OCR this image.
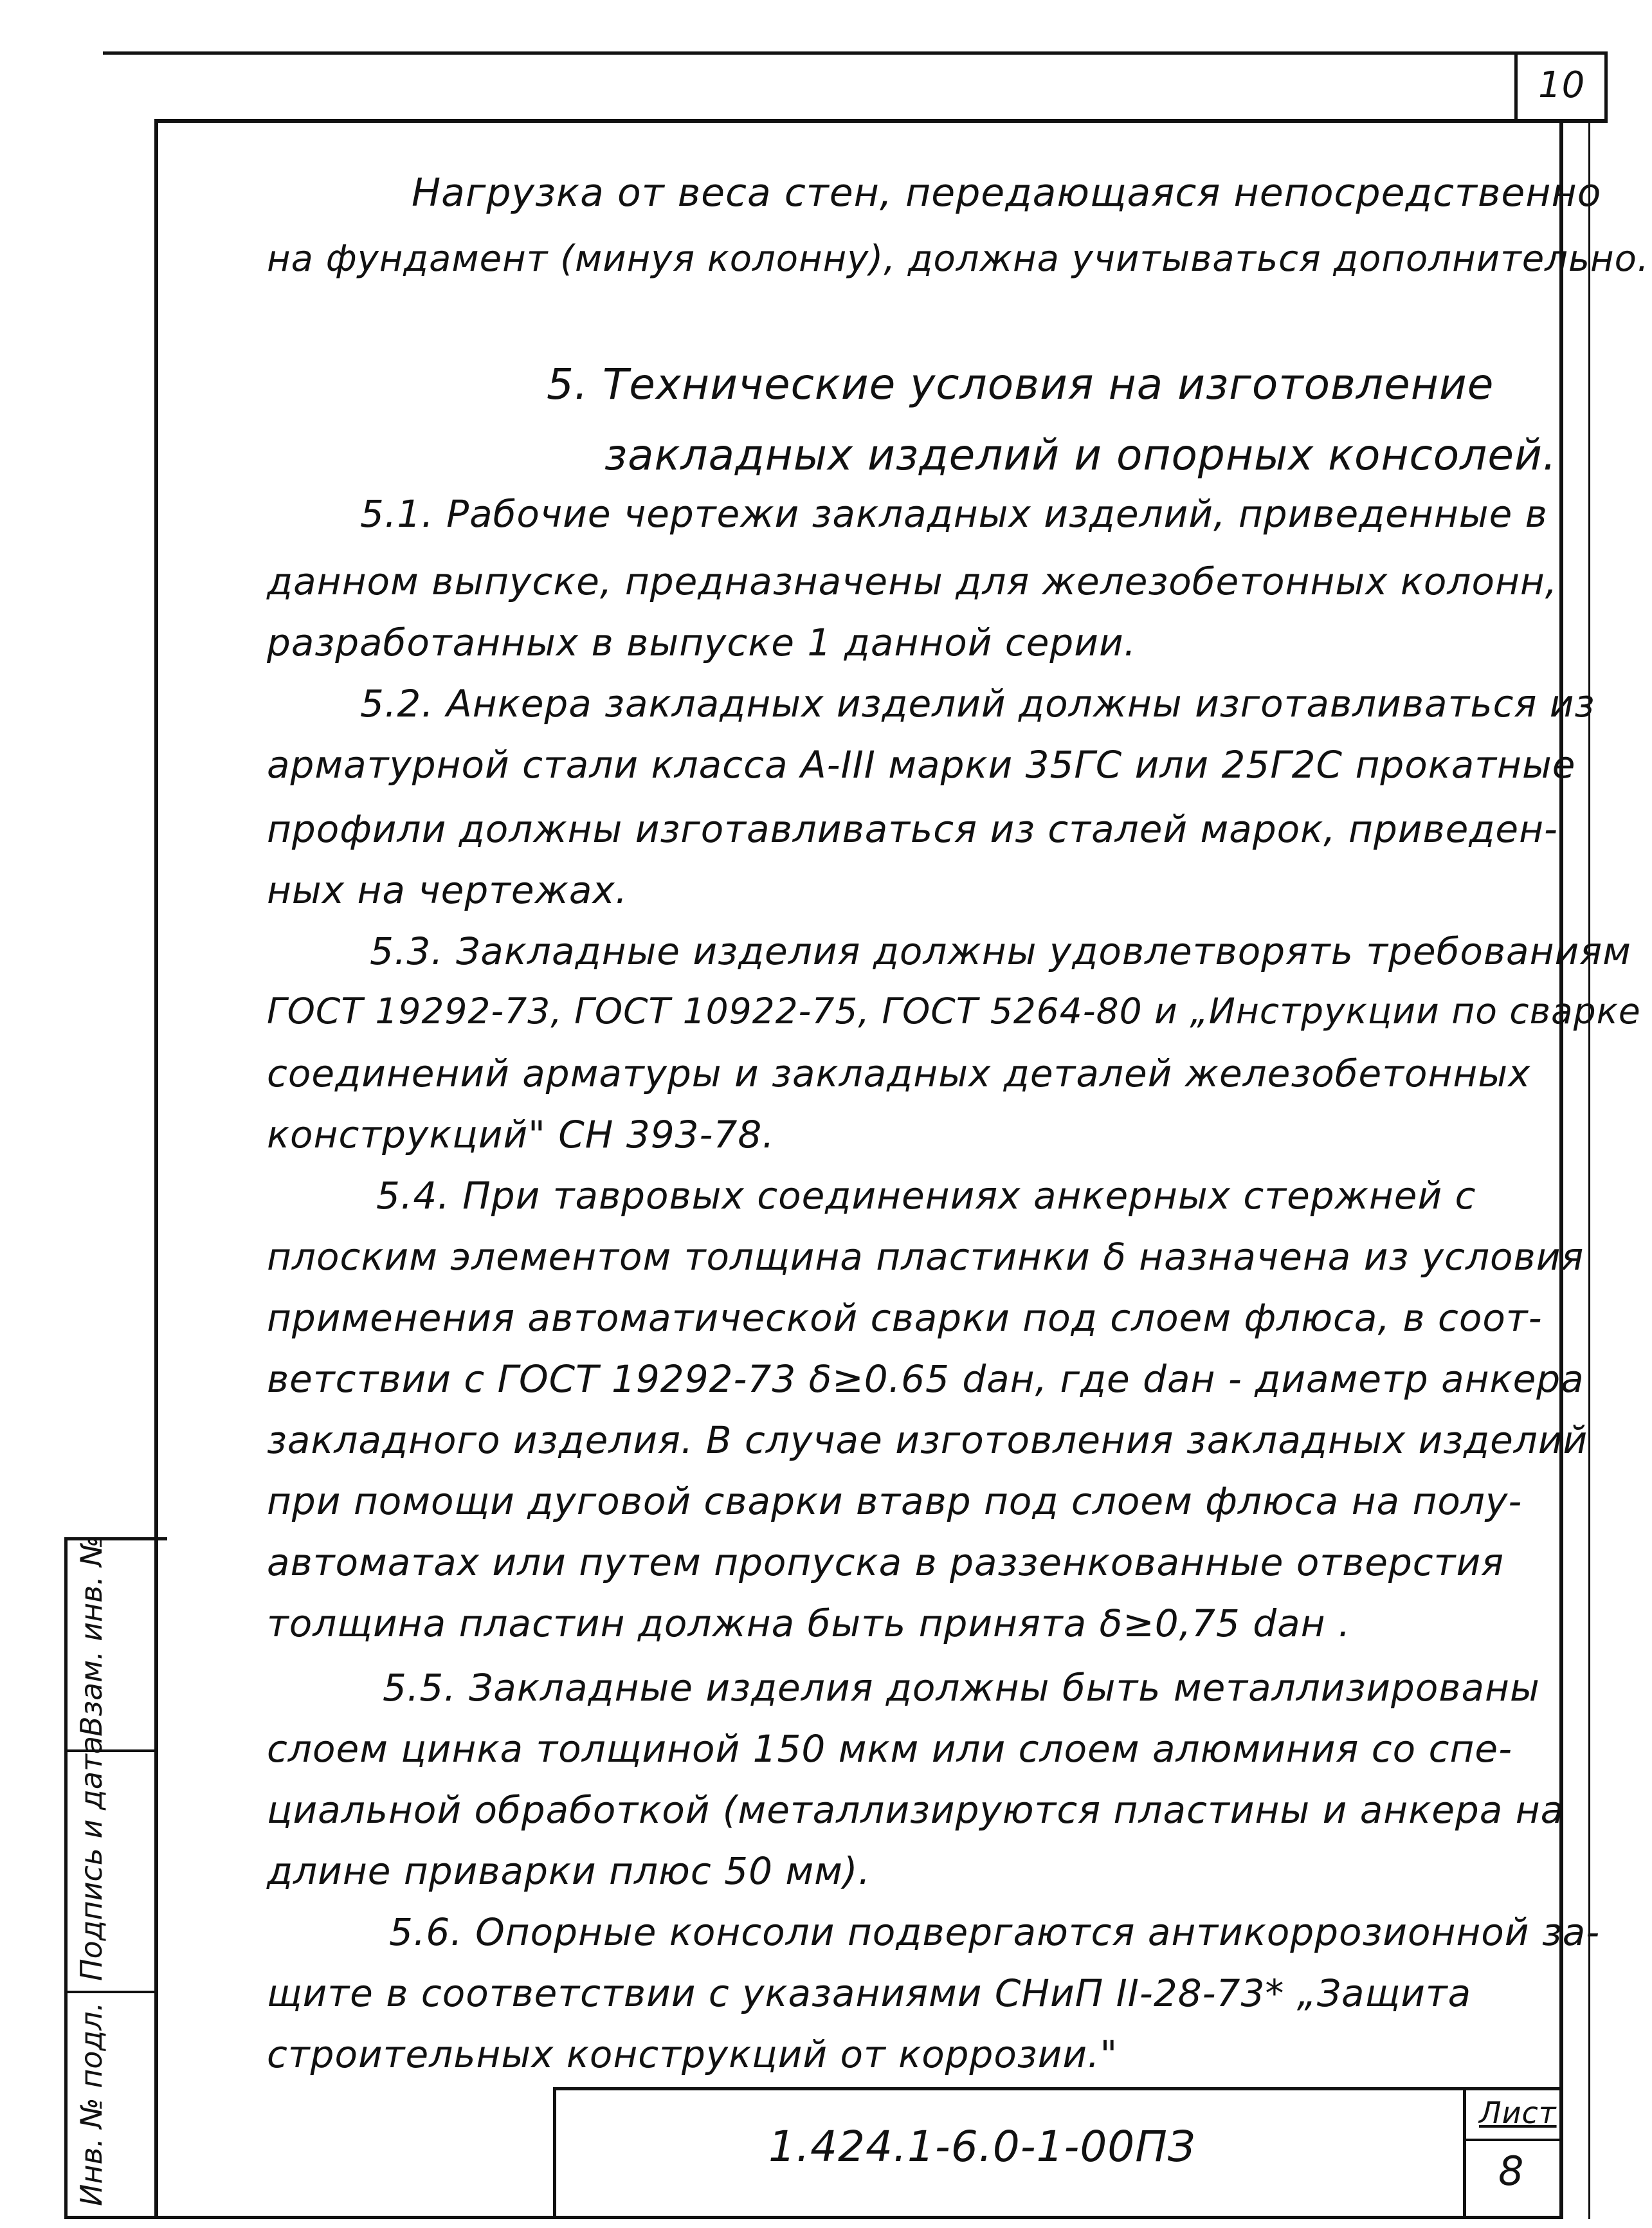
10
Нагрузка от веса стен, передающаяся непосредственно
на фундамент (минуя колонну), должна учитываться дополнительно.
5. Технические условия на изготовление
закладных изделий и опорных консолей.
5.1. Рабочие чертежи закладных изделий, приведенные в
данном выпуске, предназначены для железобетонных колонн,
разработанных в выпуске 1 данной серии.
5.2. Анкера закладных изделий должны изготавливаться из
арматурной стали класса А-III марки 35ГС или 25Г2С прокатные
профили должны изготавливаться из сталей марок, приведен-
ных на чертежах.
5.3. Закладные изделия должны удовлетворять требованиям
ГОСТ 19292-73, ГОСТ 10922-75, ГОСТ 5264-80 и „Инструкции по сварке
соединений арматуры и закладных деталей железобетонных
конструкций" СН 393-78.
5.4. При тавровых соединениях анкерных стержней с
плоским элементом толщина пластинки δ назначена из условия
применения автоматической сварки под слоем флюса, в соот-
ветствии с ГОСТ 19292-73 δ≥0.65 dан, где dан - диаметр анкера
закладного изделия. В случае изготовления закладных изделий
при помощи дуговой сварки втавр под слоем флюса на полу-
автоматах или путем пропуска в раззенкованные отверстия
толщина пластин должна быть принята δ≥0,75 dан .
5.5. Закладные изделия должны быть металлизированы
слоем цинка толщиной 150 мкм или слоем алюминия со спе-
циальной обработкой (металлизируются пластины и анкера на
длине приварки плюс 50 мм).
5.6. Опорные консоли подвергаются антикоррозионной за-
щите в соответствии с указаниями СНиП II-28-73* „Защита
строительных конструкций от коррозии."
Взам. инв. №
Подпись и дата
Инв. № подл.	1.424.1-6.0-1-00ПЗ
Лист
8
